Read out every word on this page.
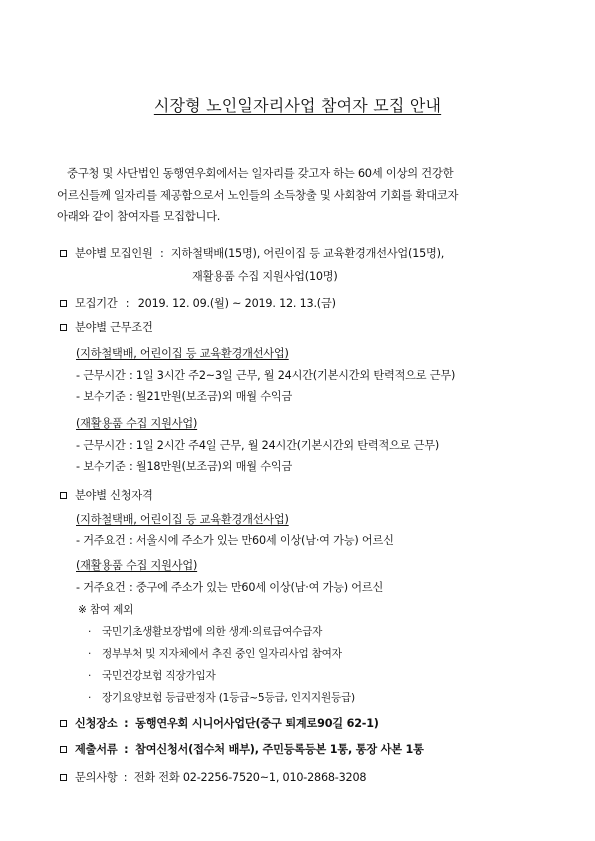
시장형 노인일자리사업 참여자 모집 안내
중구청 및 사단법인 동행연우회에서는 일자리를 갖고자 하는 60세 이상의 건강한
어르신들께 일자리를 제공함으로서 노인들의 소득창출 및 사회참여 기회를 확대코자
아래와 같이 참여자를 모집합니다.
분야별 모집인원 : 지하철택배(15명), 어린이집 등 교육환경개선사업(15명),
재활용품 수집 지원사업(10명)
모집기간 : 2019. 12. 09.(월) ~ 2019. 12. 13.(금)
분야별 근무조건
(지하철택배, 어린이집 등 교육환경개선사업)
- 근무시간 : 1일 3시간 주2~3일 근무, 월 24시간(기본시간외 탄력적으로 근무)
- 보수기준 : 월21만원(보조금)외 매월 수익금
(재활용품 수집 지원사업)
- 근무시간 : 1일 2시간 주4일 근무, 월 24시간(기본시간외 탄력적으로 근무)
- 보수기준 : 월18만원(보조금)외 매월 수익금
분야별 신청자격
(지하철택배, 어린이집 등 교육환경개선사업)
- 거주요건 : 서울시에 주소가 있는 만60세 이상(남·여 가능) 어르신
(재활용품 수집 지원사업)
- 거주요건 : 중구에 주소가 있는 만60세 이상(남·여 가능) 어르신
※ 참여 제외
· 국민기초생활보장법에 의한 생계·의료급여수급자
· 정부부처 및 지자체에서 추진 중인 일자리사업 참여자
· 국민건강보험 직장가입자
· 장기요양보험 등급판정자 (1등급~5등급, 인지지원등급)
신청장소 : 동행연우회 시니어사업단(중구 퇴계로90길 62-1)
제출서류 : 참여신청서(접수처 배부), 주민등록등본 1통, 통장 사본 1통
문의사항 : 전화 전화 02-2256-7520~1, 010-2868-3208
